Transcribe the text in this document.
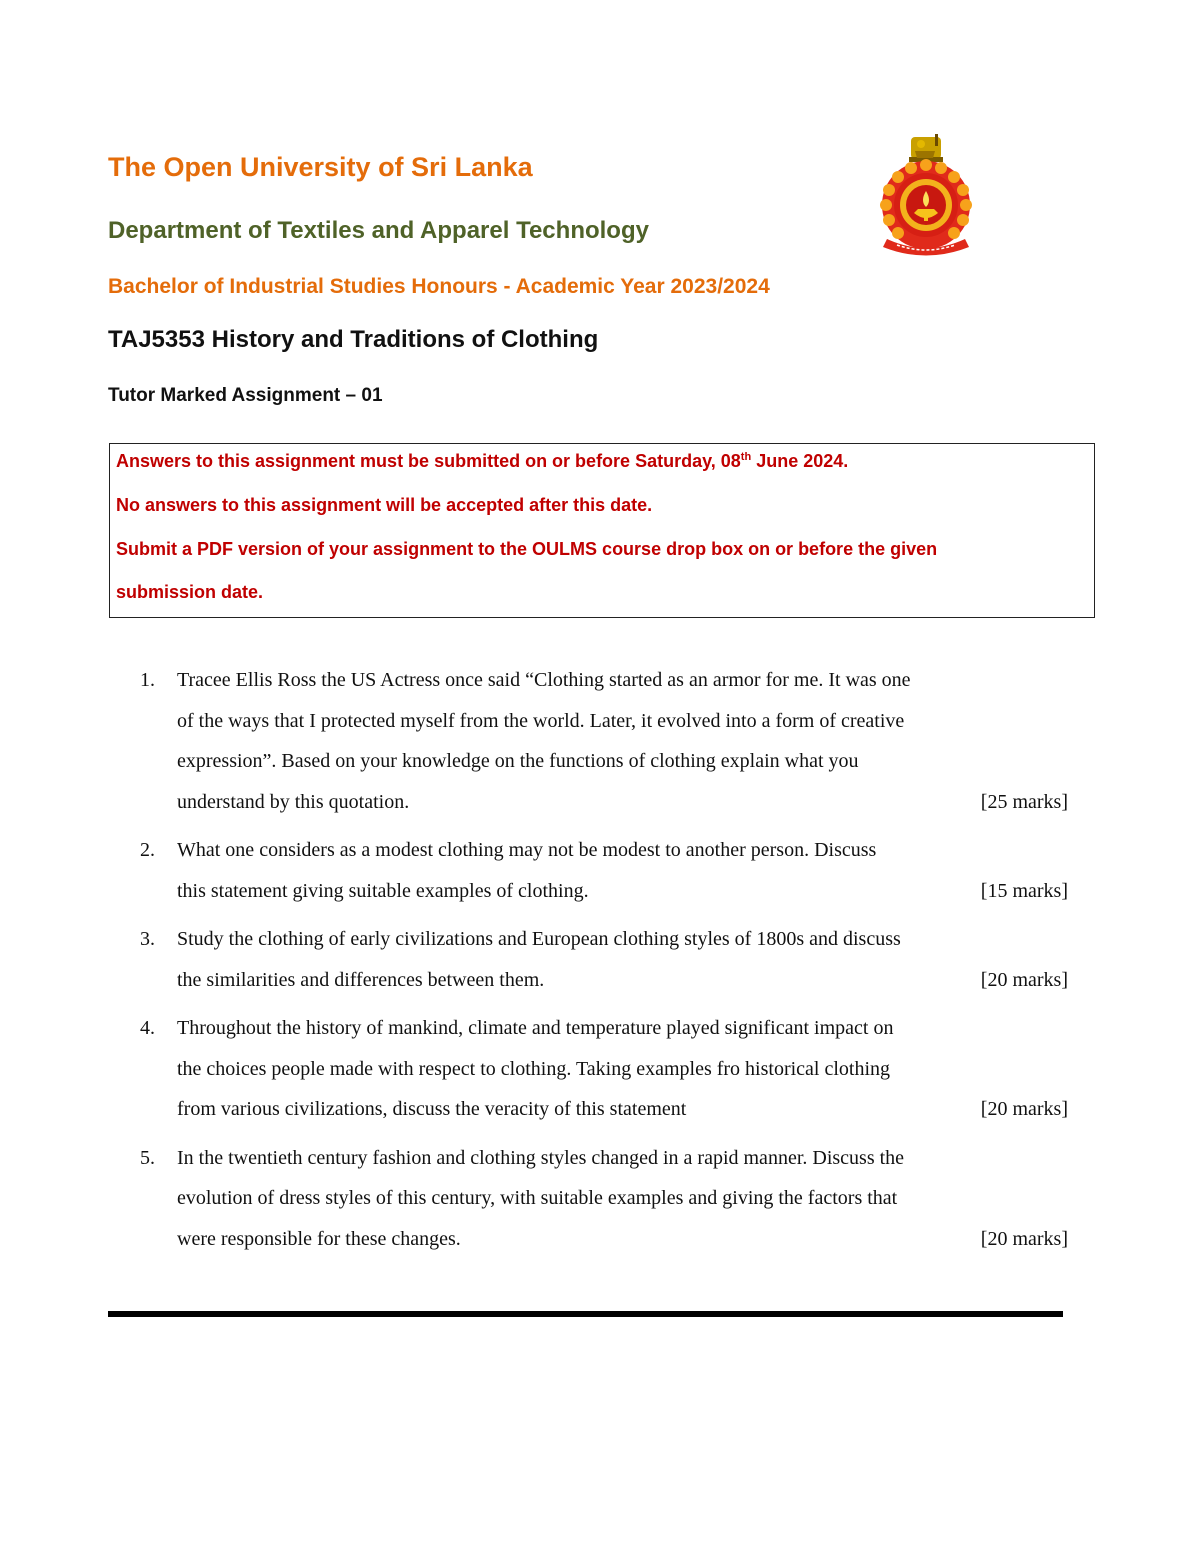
The Open University of Sri Lanka
Department of Textiles and Apparel Technology
Bachelor of Industrial Studies Honours - Academic Year 2023/2024
TAJ5353 History and Traditions of Clothing
Tutor Marked Assignment – 01

Answers to this assignment must be submitted on or before Saturday, 08th June 2024.

No answers to this assignment will be accepted after this date.

Submit a PDF version of your assignment to the OULMS course drop box on or before the given

submission date.

1.	Tracee Ellis Ross the US Actress once said “Clothing started as an armor for me. It was one
of the ways that I protected myself from the world. Later, it evolved into a form of creative
expression”. Based on your knowledge on the functions of clothing explain what you
understand by this quotation.	[25 marks]
2.	What one considers as a modest clothing may not be modest to another person. Discuss
this statement giving suitable examples of clothing.	[15 marks]
3.	Study the clothing of early civilizations and European clothing styles of 1800s and discuss
the similarities and differences between them.	[20 marks]
4.	Throughout the history of mankind, climate and temperature played significant impact on
the choices people made with respect to clothing. Taking examples fro historical clothing
from various civilizations, discuss the veracity of this statement	[20 marks]
5.	In the twentieth century fashion and clothing styles changed in a rapid manner. Discuss the
evolution of dress styles of this century, with suitable examples and giving the factors that
were responsible for these changes.	[20 marks]
